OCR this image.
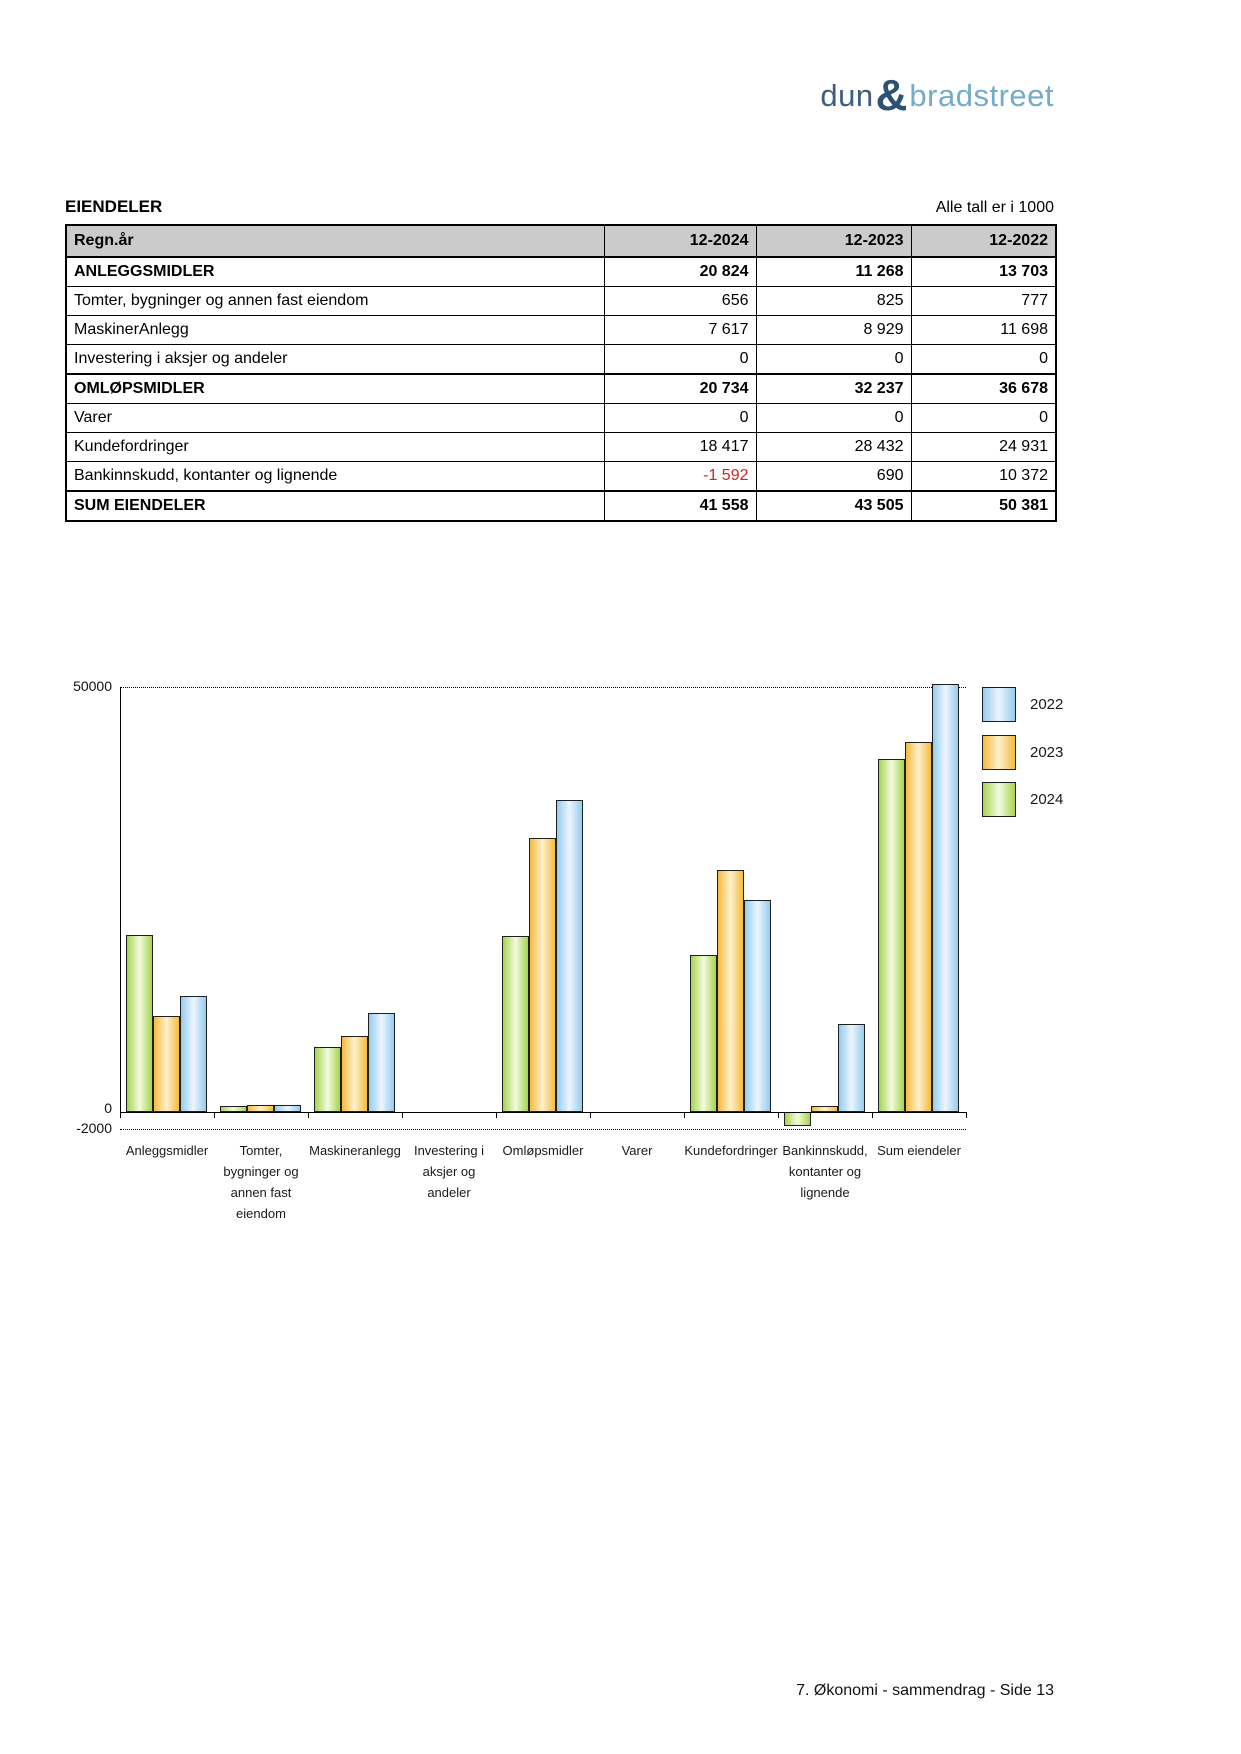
dun & bradstreet
EIENDELER	Alle tall er i 1000
Regn.år	12-2024	12-2023	12-2022
ANLEGGSMIDLER	20 824	11 268	13 703
Tomter, bygninger og annen fast eiendom	656	825	777
MaskinerAnlegg	7 617	8 929	11 698
Investering i aksjer og andeler	0	0	0
OMLØPSMIDLER	20 734	32 237	36 678
Varer	0	0	0
Kundefordringer	18 417	28 432	24 931
Bankinnskudd, kontanter og lignende	-1 592	690	10 372
SUM EIENDELER	41 558	43 505	50 381
50000
0
-2000
Anleggsmidler	Tomter,
bygninger og
annen fast
eiendom
Maskineranlegg Investering i
aksjer og
andeler
Omløpsmidler	Varer Kundefordringer Bankinnskudd,
kontanter og
lignende
Sum eiendeler
2022
2023
2024
7. Økonomi - sammendrag - Side 13
